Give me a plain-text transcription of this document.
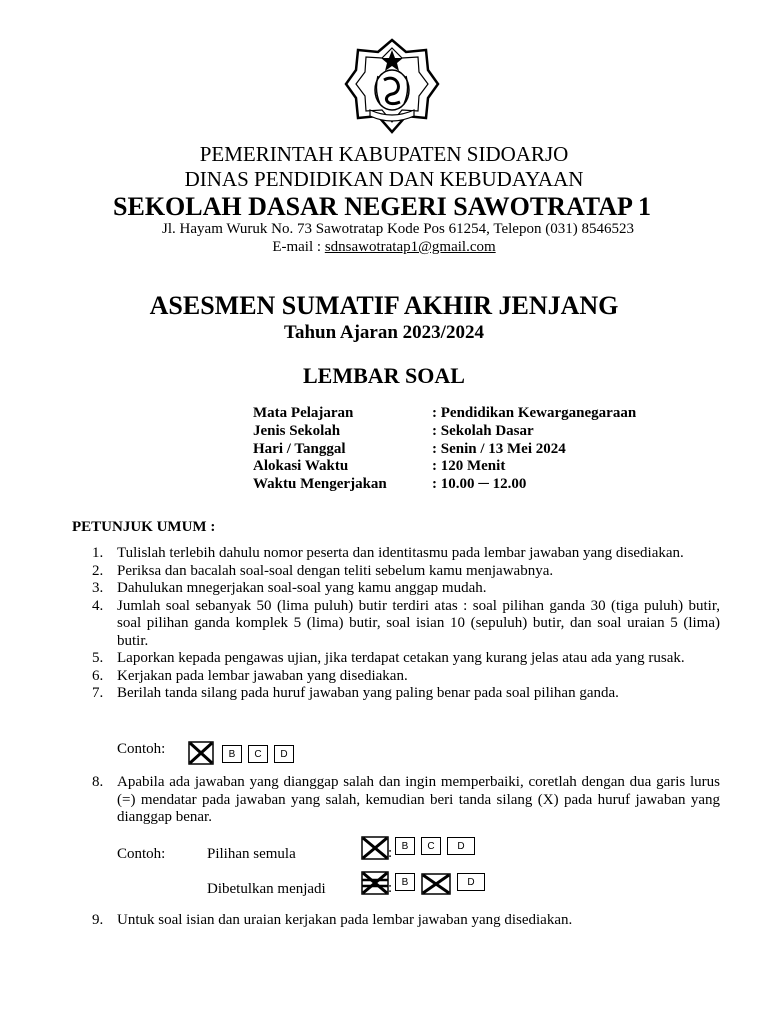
PEMERINTAH KABUPATEN SIDOARJO
DINAS PENDIDIKAN DAN KEBUDAYAAN
SEKOLAH DASAR NEGERI SAWOTRATAP 1
Jl. Hayam Wuruk No. 73 Sawotratap Kode Pos 61254, Telepon (031) 8546523
E-mail : sdnsawotratap1@gmail.com
ASESMEN SUMATIF AKHIR JENJANG
Tahun Ajaran 2023/2024
LEMBAR SOAL
Mata Pelajaran	: Pendidikan Kewarganegaraan
Jenis Sekolah	: Sekolah Dasar
Hari / Tanggal	: Senin / 13 Mei 2024
Alokasi Waktu	: 120 Menit
Waktu Mengerjakan	: 10.00 ─ 12.00
PETUNJUK UMUM :
1. Tulislah terlebih dahulu nomor peserta dan identitasmu pada lembar jawaban yang disediakan.
2. Periksa dan bacalah soal-soal dengan teliti sebelum kamu menjawabnya.
3. Dahulukan mnegerjakan soal-soal yang kamu anggap mudah.
4. Jumlah soal sebanyak 50 (lima puluh) butir terdiri atas : soal pilihan ganda 30 (tiga puluh) butir, soal pilihan ganda komplek 5 (lima) butir, soal isian 10 (sepuluh) butir, dan soal uraian 5 (lima) butir.
5. Laporkan kepada pengawas ujian, jika terdapat cetakan yang kurang jelas atau ada yang rusak.
6. Kerjakan pada lembar jawaban yang disediakan.
7. Berilah tanda silang pada huruf jawaban yang paling benar pada soal pilihan ganda.
Contoh:	B	C	D
8. Apabila ada jawaban yang dianggap salah dan ingin memperbaiki, coretlah dengan dua garis lurus (=) mendatar pada jawaban yang salah, kemudian beri tanda silang (X) pada huruf jawaban yang dianggap benar.
Contoh:	Pilihan semula	: B	C	D
Dibetulkan menjadi	: B	D
9. Untuk soal isian dan uraian kerjakan pada lembar jawaban yang disediakan.
